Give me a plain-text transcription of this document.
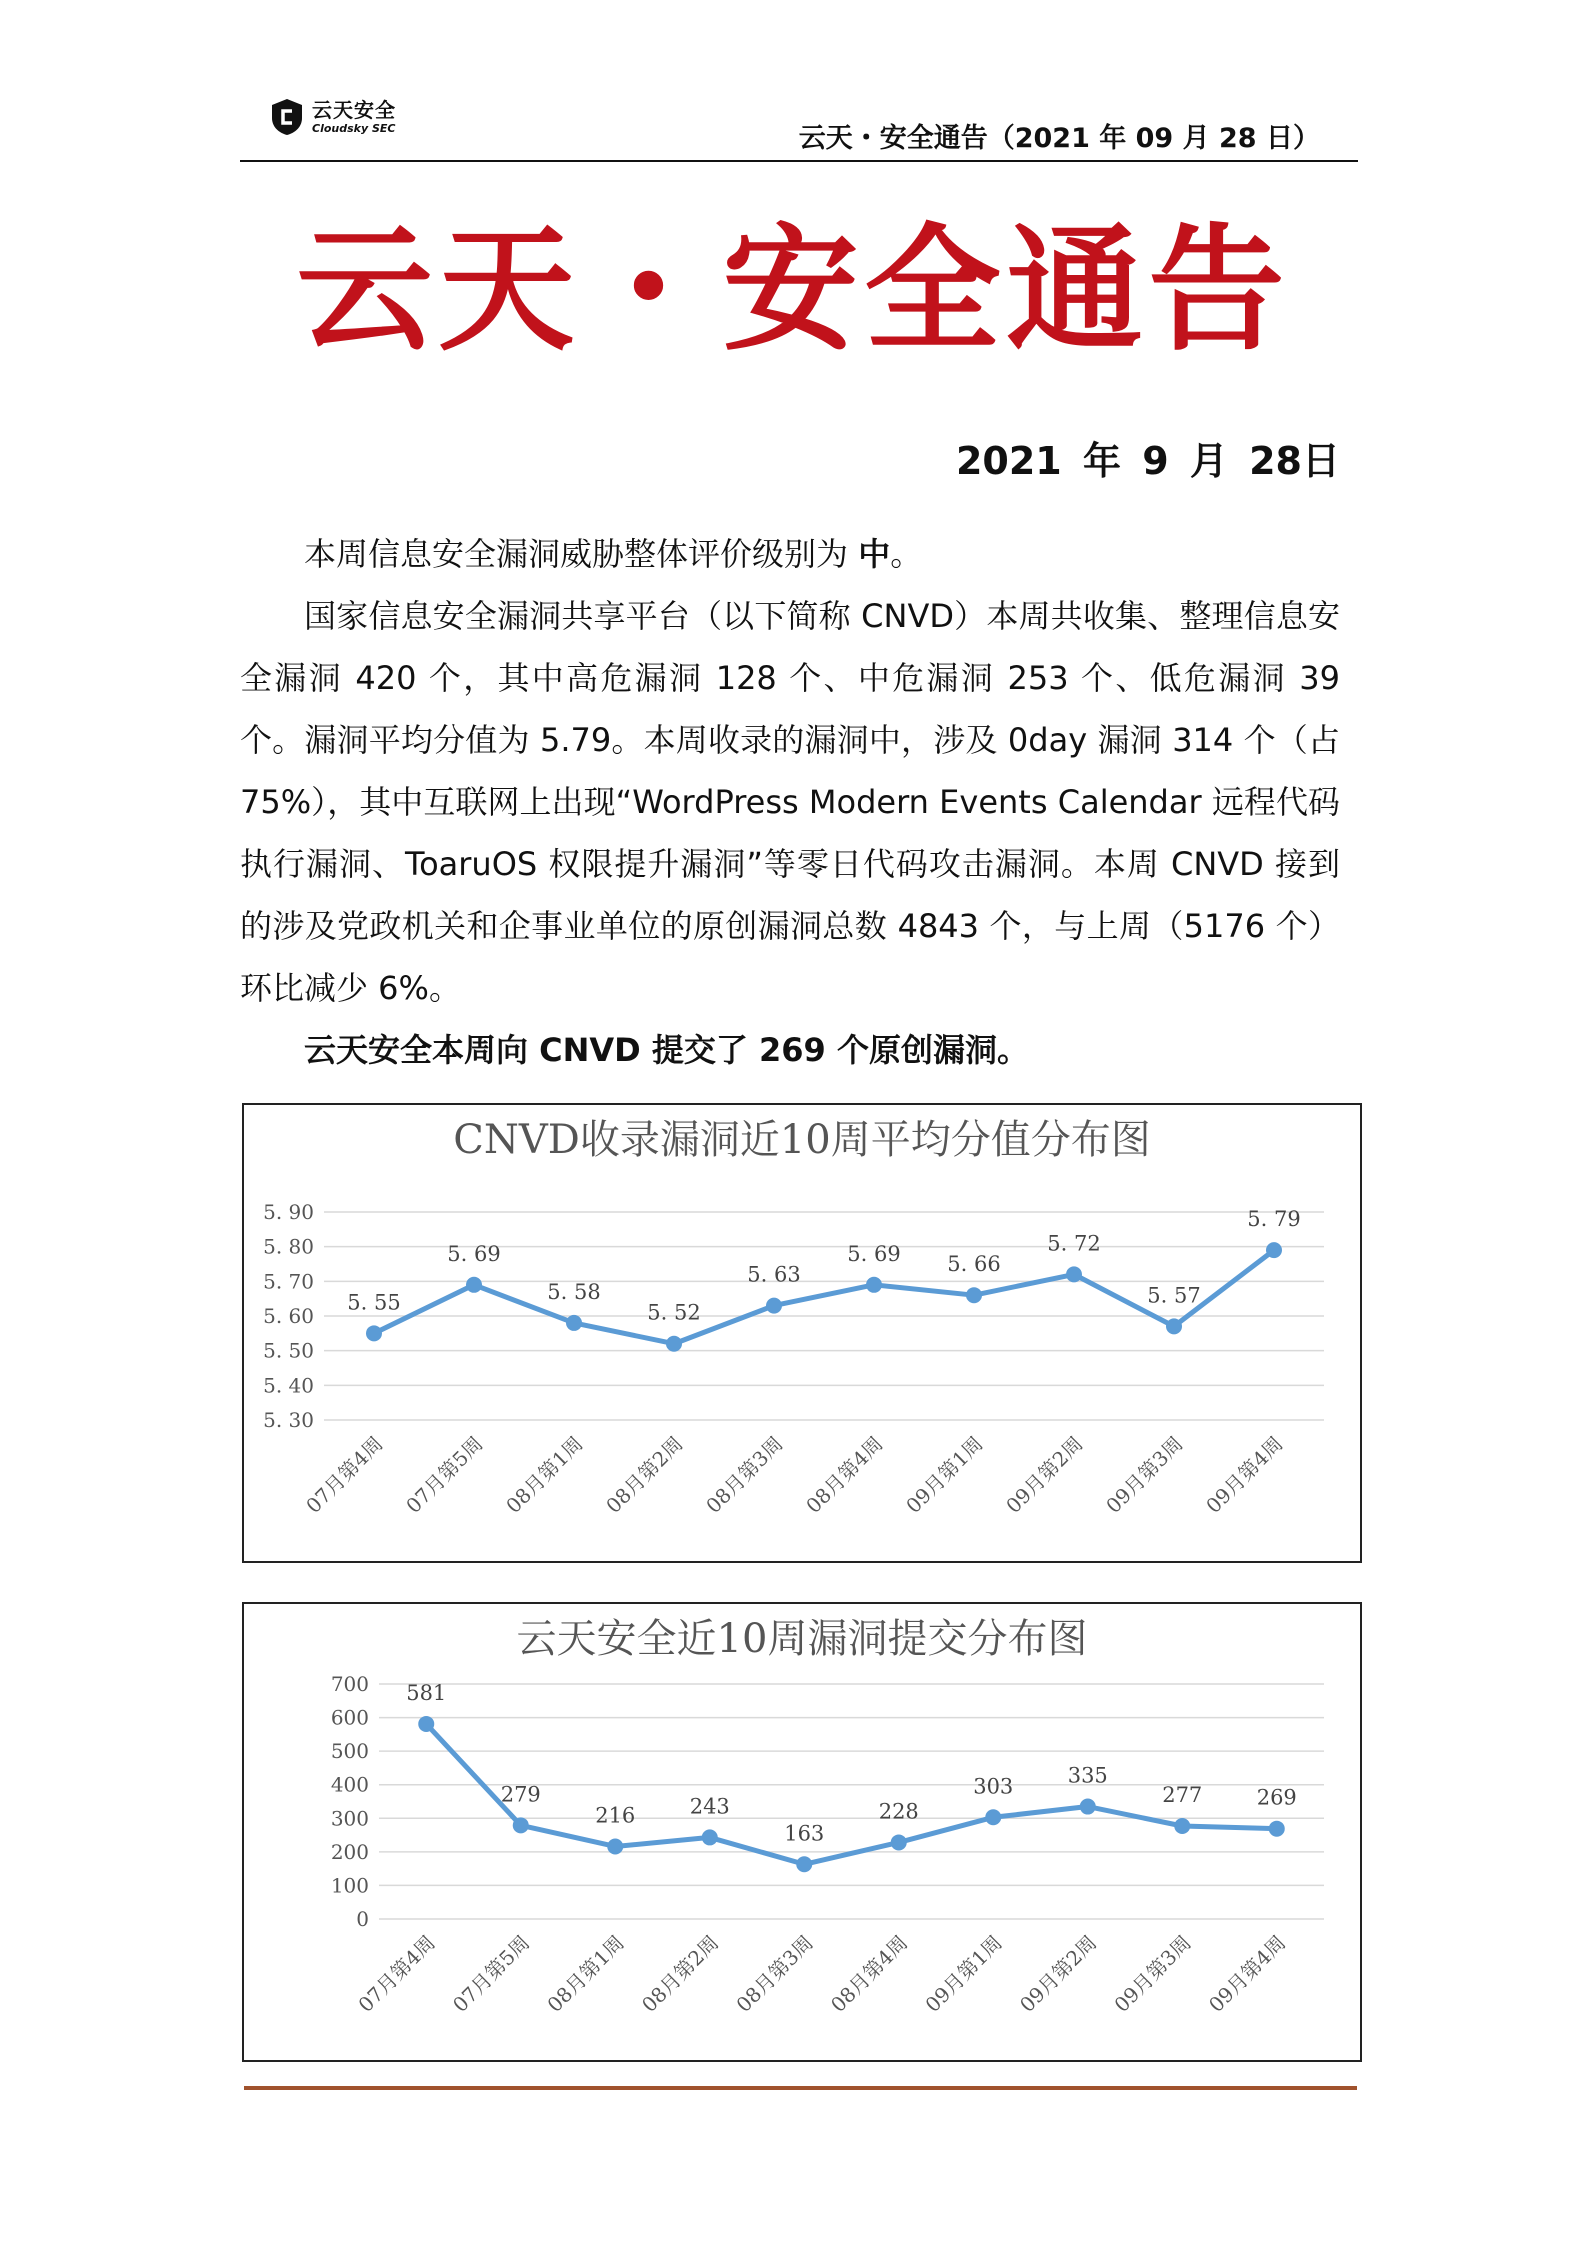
云天安全
Cloudsky SEC	云天・安全通告（2021 年 09 月 28 日）
云天・安全通告
2021 年 9 月 28日

本周信息安全漏洞威胁整体评价级别为 中。

国家信息安全漏洞共享平台（以下简称 CNVD）本周共收集、整理信息安全漏洞 420 个，其中高危漏洞 128 个、中危漏洞 253 个、低危漏洞 39 个。漏洞平均分值为 5.79。本周收录的漏洞中，涉及 0day 漏洞 314 个（占 75%），其中互联网上出现“WordPress Modern Events Calendar 远程代码执行漏洞、ToaruOS 权限提升漏洞”等零日代码攻击漏洞。本周 CNVD 接到的涉及党政机关和企事业单位的原创漏洞总数 4843 个，与上周（5176 个）环比减少 6%。

云天安全本周向 CNVD 提交了 269 个原创漏洞。

CNVD收录漏洞近10周平均分值分布图
5. 90
5. 80
5. 70
5. 60
5. 50
5. 40
5. 30
5. 55
5. 69
5. 58
5. 52
5. 63
5. 69 5. 66
5. 72
5. 57
5. 79
07月第4周 07月第5周 08月第1周 08月第2周 08月第3周 08月第4周 09月第1周 09月第2周 09月第3周 09月第4周
云天安全近10周漏洞提交分布图
700
600
500
400
300
200
100
0
581
279
216	243
163
228
303	335
277	269
07月第4周 07月第5周 08月第1周 08月第2周 08月第3周 08月第4周 09月第1周 09月第2周 09月第3周 09月第4周
